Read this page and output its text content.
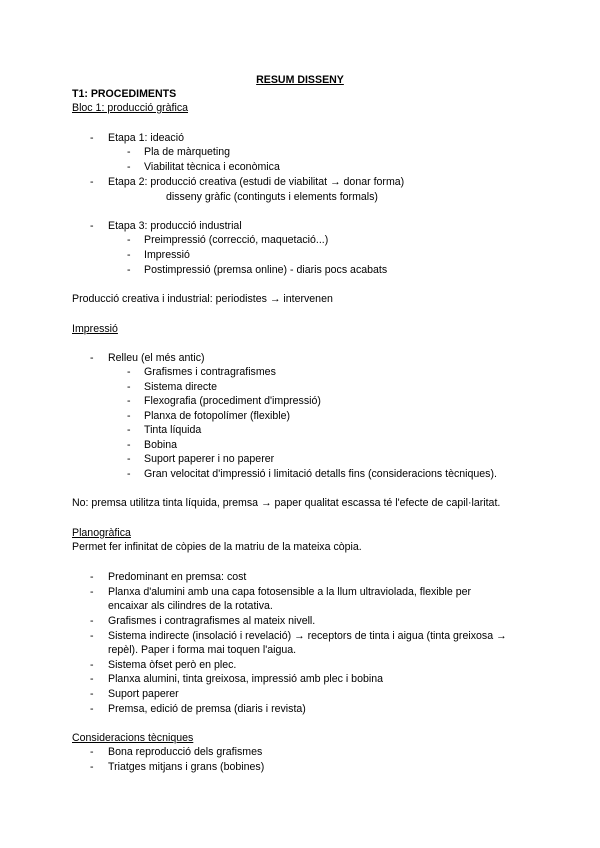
RESUM DISSENY
T1: PROCEDIMENTS
Bloc 1: producció gràfica
- Etapa 1: ideació
- Pla de màrqueting
- Viabilitat tècnica i econòmica
- Etapa 2: producció creativa (estudi de viabilitat → donar forma)
disseny gràfic (continguts i elements formals)
- Etapa 3: producció industrial
- Preimpressió (correcció, maquetació...)
- Impressió
- Postimpressió (premsa online) - diaris pocs acabats
Producció creativa i industrial: periodistes → intervenen
Impressió
- Relleu (el més antic)
- Grafismes i contragrafismes
- Sistema directe
- Flexografia (procediment d'impressió)
- Planxa de fotopolímer (flexible)
- Tinta líquida
- Bobina
- Suport paperer i no paperer
- Gran velocitat d'impressió i limitació detalls fins (consideracions tècniques).
No: premsa utilitza tinta líquida, premsa → paper qualitat escassa té l'efecte de capil·laritat.
Planogràfica
Permet fer infinitat de còpies de la matriu de la mateixa còpia.
- Predominant en premsa: cost
- Planxa d'alumini amb una capa fotosensible a la llum ultraviolada, flexible per
encaixar als cilindres de la rotativa.
- Grafismes i contragrafismes al mateix nivell.
- Sistema indirecte (insolació i revelació) → receptors de tinta i aigua (tinta greixosa →
repèl). Paper i forma mai toquen l'aigua.
- Sistema òfset però en plec.
- Planxa alumini, tinta greixosa, impressió amb plec i bobina
- Suport paperer
- Premsa, edició de premsa (diaris i revista)
Consideracions tècniques
- Bona reproducció dels grafismes
- Triatges mitjans i grans (bobines)
